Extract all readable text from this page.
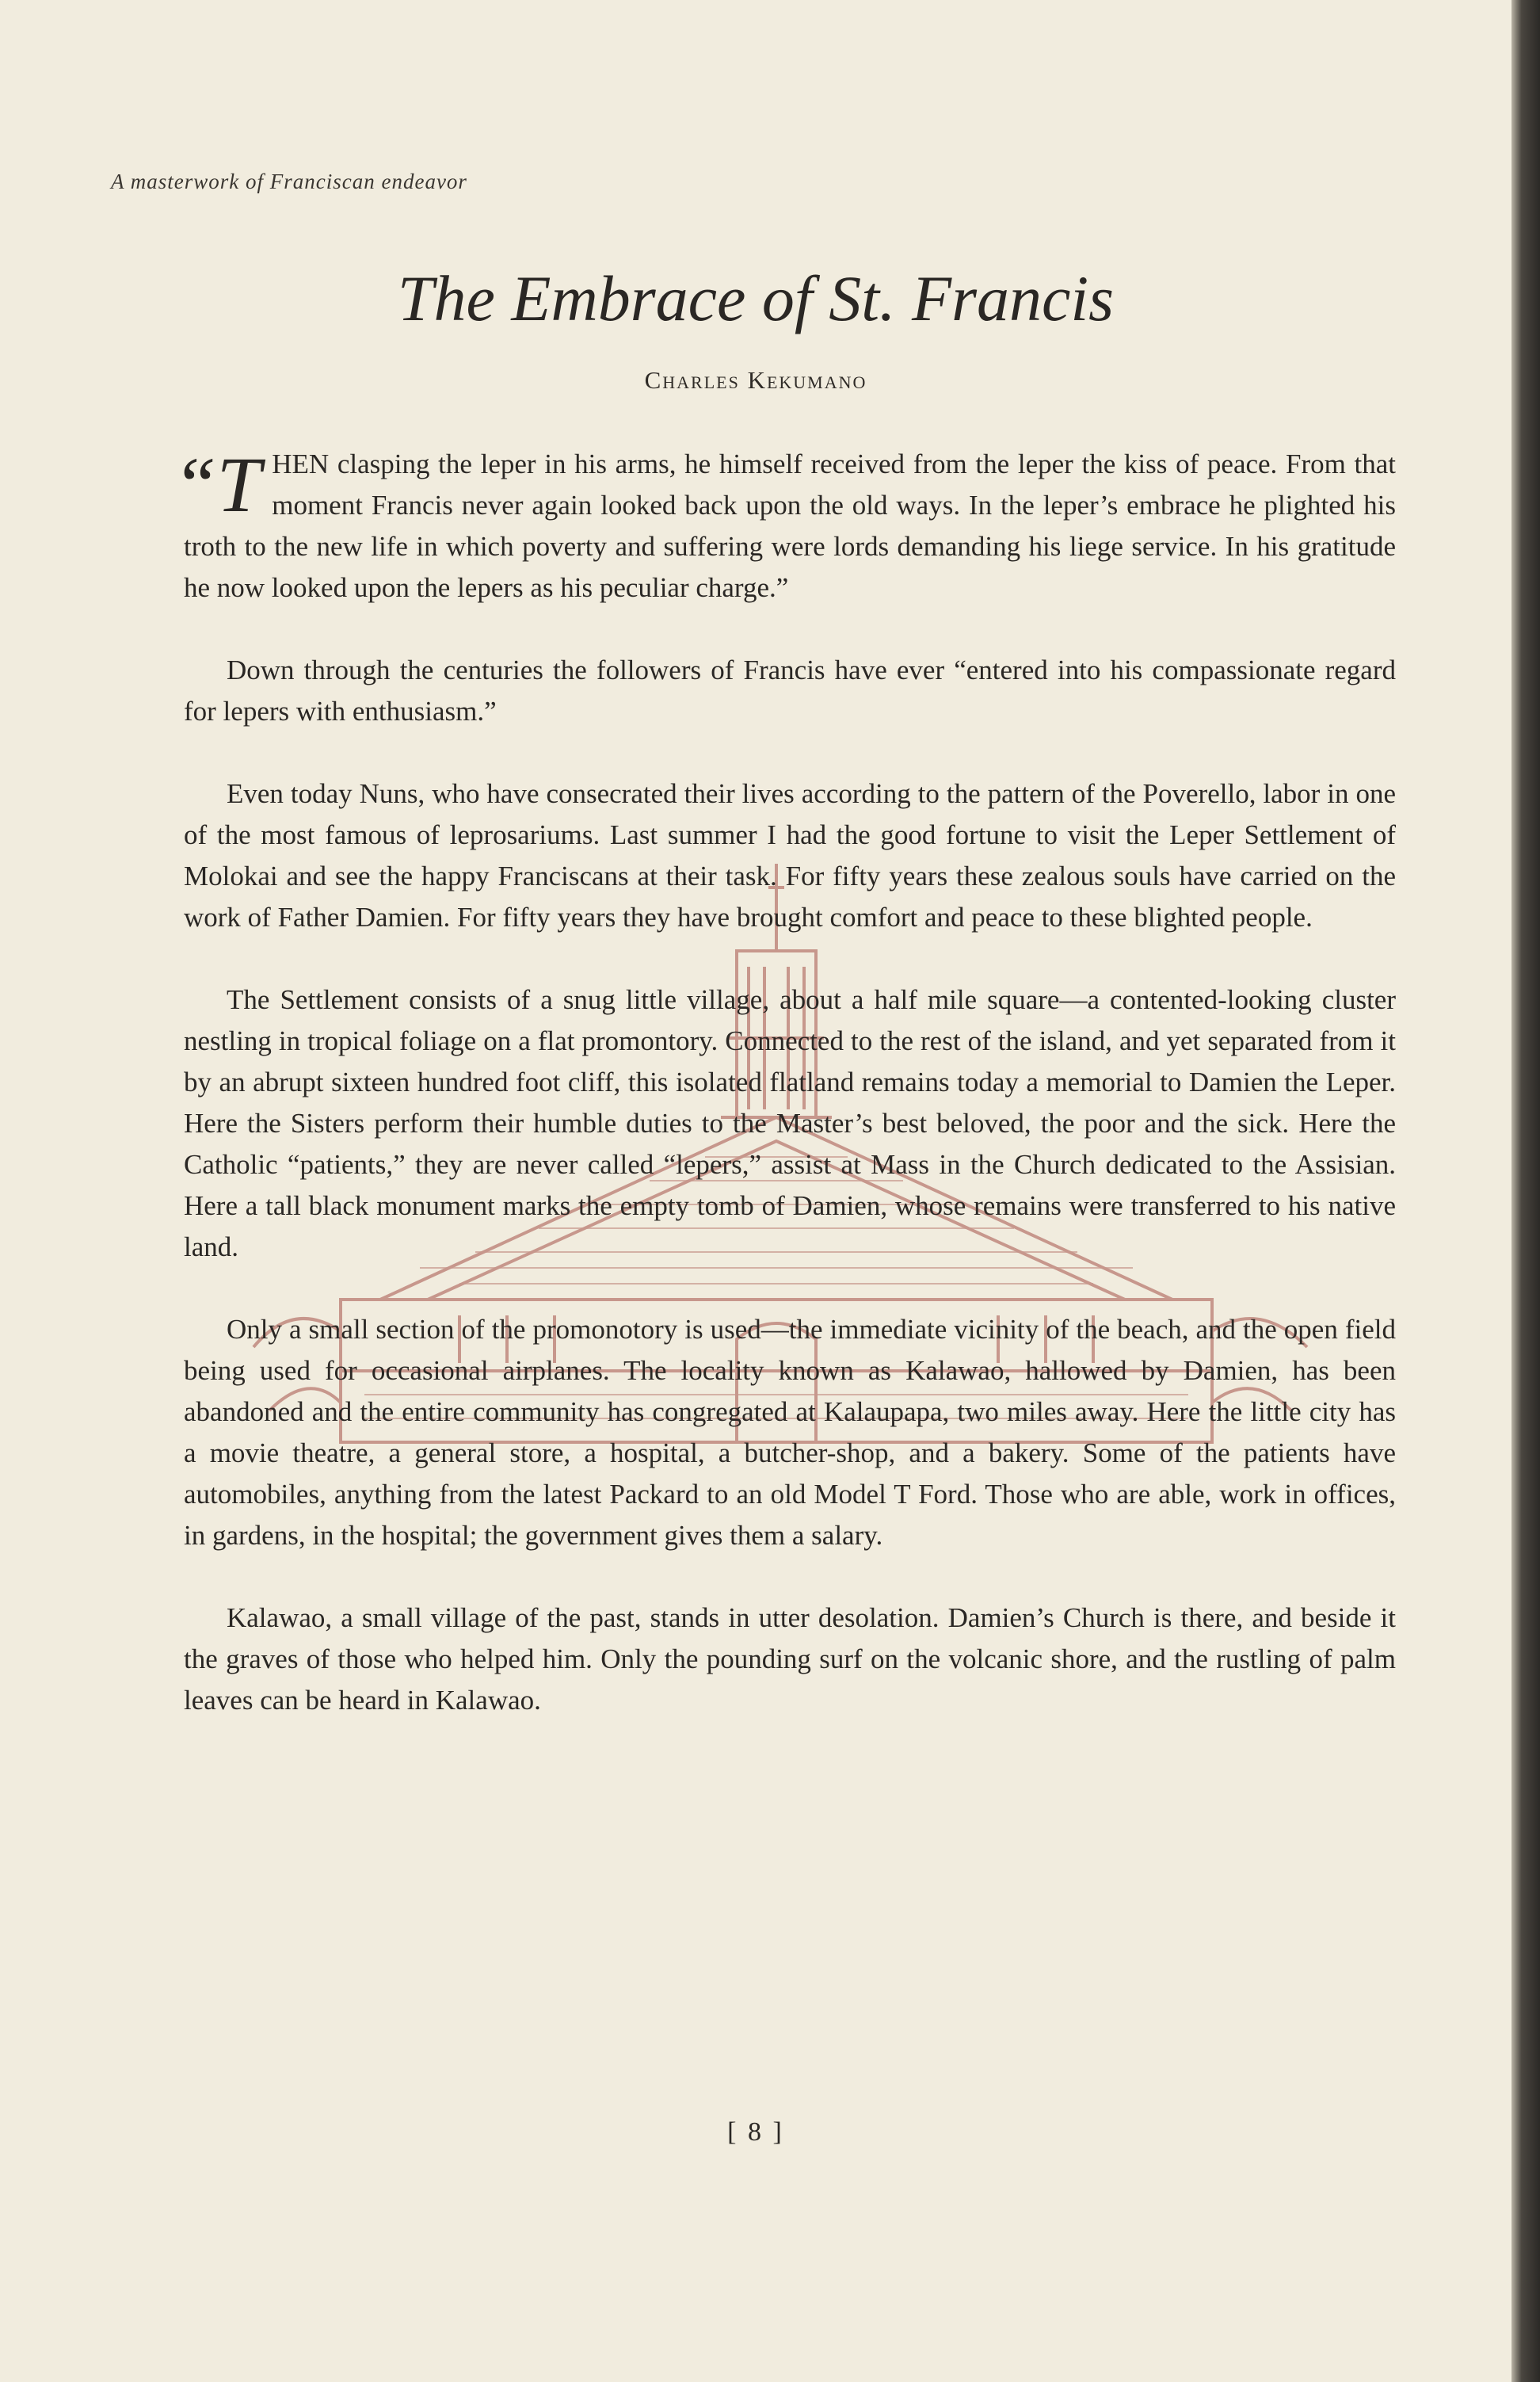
A masterwork of Franciscan endeavor
The Embrace of St. Francis
Charles Kekumano

“THEN clasping the leper in his arms, he himself received from the leper the kiss of peace. From that moment Francis never again looked back upon the old ways. In the leper’s embrace he plighted his troth to the new life in which poverty and suffering were lords demanding his liege service. In his gratitude he now looked upon the lepers as his peculiar charge.”

Down through the centuries the followers of Francis have ever “entered into his compassionate regard for lepers with enthusiasm.”

Even today Nuns, who have consecrated their lives according to the pattern of the Poverello, labor in one of the most famous of leprosariums. Last summer I had the good fortune to visit the Leper Settlement of Molokai and see the happy Franciscans at their task. For fifty years these zealous souls have carried on the work of Father Damien. For fifty years they have brought comfort and peace to these blighted people.

The Settlement consists of a snug little village, about a half mile square—a contented-looking cluster nestling in tropical foliage on a flat promontory. Connected to the rest of the island, and yet separated from it by an abrupt sixteen hundred foot cliff, this isolated flatland remains today a memorial to Damien the Leper. Here the Sisters perform their humble duties to the Master’s best beloved, the poor and the sick. Here the Catholic “patients,” they are never called “lepers,” assist at Mass in the Church dedicated to the Assisian. Here a tall black monument marks the empty tomb of Damien, whose remains were transferred to his native land.

Only a small section of the promonotory is used—the immediate vicinity of the beach, and the open field being used for occasional airplanes. The locality known as Kalawao, hallowed by Damien, has been abandoned and the entire community has congregated at Kalaupapa, two miles away. Here the little city has a movie theatre, a general store, a hospital, a butcher-shop, and a bakery. Some of the patients have automobiles, anything from the latest Packard to an old Model T Ford. Those who are able, work in offices, in gardens, in the hospital; the government gives them a salary.

Kalawao, a small village of the past, stands in utter desolation. Damien’s Church is there, and beside it the graves of those who helped him. Only the pounding surf on the volcanic shore, and the rustling of palm leaves can be heard in Kalawao.

[ 8 ]
